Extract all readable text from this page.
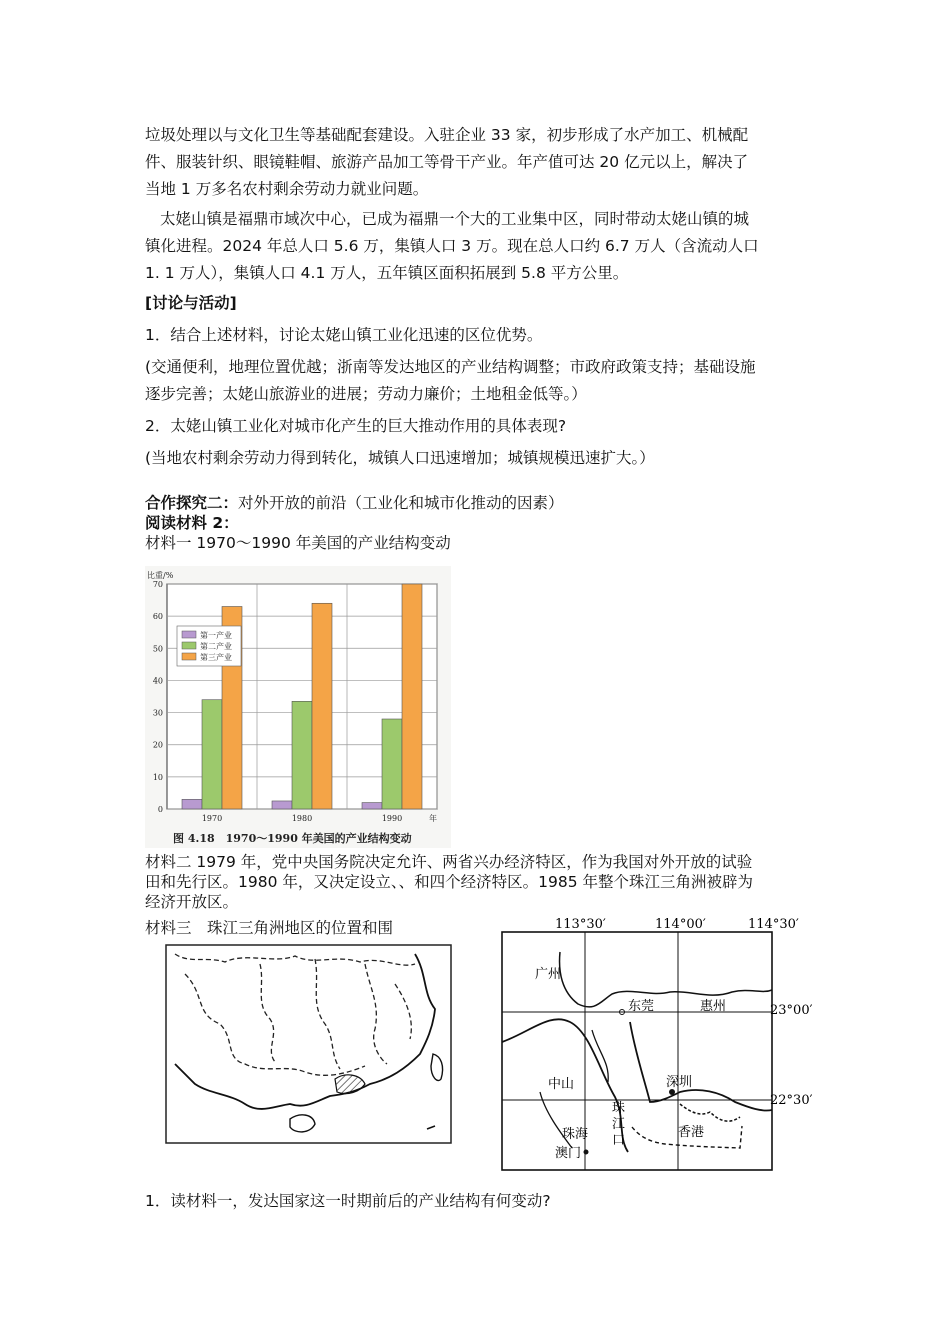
垃圾处理以与文化卫生等基础配套建设。入驻企业 33 家，初步形成了水产加工、机械配
件、服装针织、眼镜鞋帽、旅游产品加工等骨干产业。年产值可达 20 亿元以上，解决了
当地 1 万多名农村剩余劳动力就业问题。
太姥山镇是福鼎市域次中心，已成为福鼎一个大的工业集中区，同时带动太姥山镇的城
镇化进程。2024 年总人口 5.6 万，集镇人口 3 万。现在总人口约 6.7 万人（含流动人口
1. 1 万人），集镇人口 4.1 万人，五年镇区面积拓展到 5.8 平方公里。
[讨论与活动]
1．结合上述材料，讨论太姥山镇工业化迅速的区位优势。
(交通便利，地理位置优越；浙南等发达地区的产业结构调整；市政府政策支持；基础设施
逐步完善；太姥山旅游业的进展；劳动力廉价；土地租金低等。）
2．太姥山镇工业化对城市化产生的巨大推动作用的具体表现?
(当地农村剩余劳动力得到转化，城镇人口迅速增加；城镇规模迅速扩大。）
合作探究二：对外开放的前沿（工业化和城市化推动的因素）
阅读材料 2：
材料一 1970～1990 年美国的产业结构变动
0
10
20
30
40
50
60
70
比重/%
1970	1980	1990	年
图 4.18　1970～1990 年美国的产业结构变动
第一产业
第二产业
第三产业
材料二 1979 年，党中央国务院决定允许、两省兴办经济特区，作为我国对外开放的试验
田和先行区。1980 年，又决定设立、、和四个经济特区。1985 年整个珠江三角洲被辟为
经济开放区。
材料三　珠江三角洲地区的位置和围	113°30′	114°00′	114°30′
23°00′
22°30′
广州
东莞	惠州
中山	深圳
珠海
澳门
香港
珠
江
口
1．读材料一，发达国家这一时期前后的产业结构有何变动?
